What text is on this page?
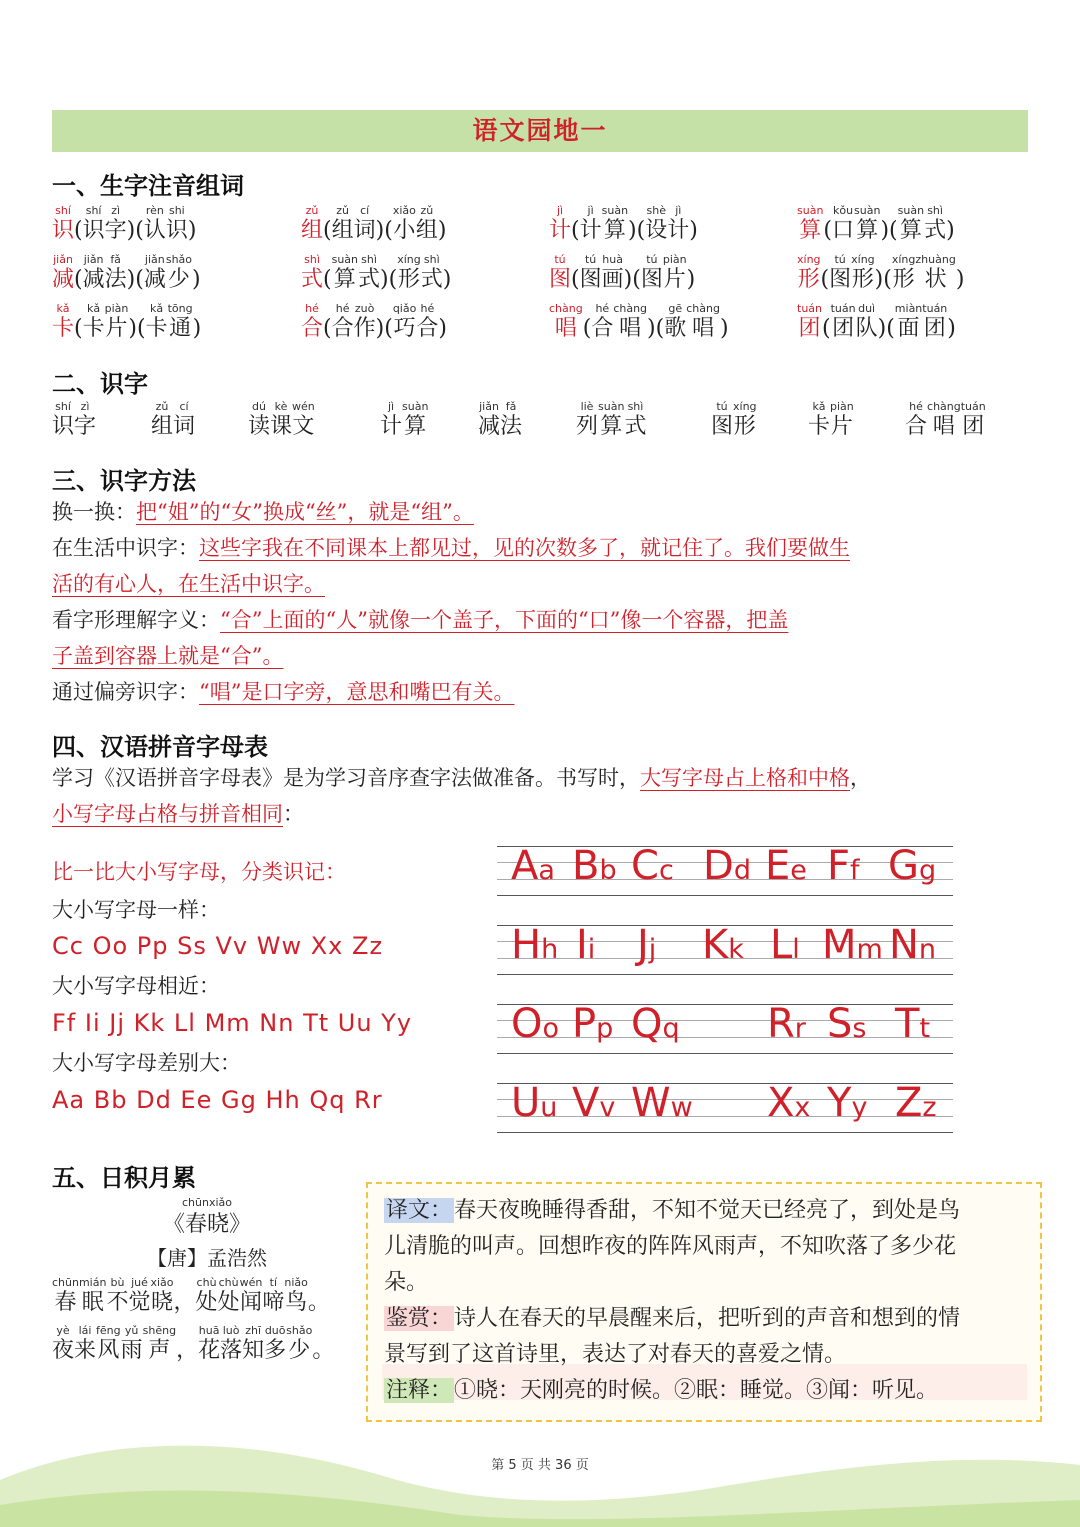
语文园地一
一、生字注音组词
shí
识
(
shí
识
zì
字
)
(
rèn
认
shi
识
)
zǔ
组
(
zǔ
组
cí
词
)
(
xiǎo
小
zǔ
组
)
jì
计
(
jì
计
suàn
算
)
(
shè
设
jì
计
)
suàn
算
(
kǒu
口
suàn
算
)
(
suàn
算
shì
式
)
jiǎn
减
(
jiǎn
减
fǎ
法
)
(
jiǎn
减
shǎo
少
)
shì
式
(
suàn
算
shì
式
)
(
xíng
形
shì
式
)
tú
图
(
tú
图
huà
画
)
(
tú
图
piàn
片
)
xíng
形
(
tú
图
xíng
形
)
(
xíng
形
zhuàng
状
)
kǎ
卡
(
kǎ
卡
piàn
片
)
(
kǎ
卡
tōng
通
)
hé
合
(
hé
合
zuò
作
)
(
qiǎo
巧
hé
合
)
chàng
唱
(
hé
合
chàng
唱
)
(
gē
歌
chàng
唱
)
tuán
团
(
tuán
团
duì
队
)
(
miàn
面
tuán
团
)
二、识字
shí
识
zì
字
zǔ
组
cí
词
dú
读
kè
课
wén
文
jì
计
suàn
算
jiǎn
减
fǎ
法
liè
列
suàn
算
shì
式
tú
图
xíng
形
kǎ
卡
piàn
片
hé
合
chàng
唱
tuán
团
三、识字方法
换一换：把“姐”的“女”换成“丝”，就是“组”。
在生活中识字：这些字我在不同课本上都见过，见的次数多了，就记住了。我们要做生
活的有心人，在生活中识字。
看字形理解字义：“合”上面的“人”就像一个盖子，下面的“口”像一个容器，把盖
子盖到容器上就是“合”。
通过偏旁识字：“唱”是口字旁，意思和嘴巴有关。
四、汉语拼音字母表
学习《汉语拼音字母表》是为学习音序查字法做准备。书写时，大写字母占上格和中格，
小写字母占格与拼音相同：
比一比大小写字母，分类识记：
大小写字母一样：
Cc Oo Pp Ss Vv Ww Xx Zz
大小写字母相近：
Ff Ii Jj Kk Ll Mm Nn Tt Uu Yy
大小写字母差别大：
Aa Bb Dd Ee Gg Hh Qq Rr
Aa Bb Cc Dd Ee Ff Gg
Hh Ii Jj Kk Ll Mm Nn
Oo Pp Qq Rr Ss Tt
Uu Vv Ww Xx Yy Zz
五、日积月累
chūnxiǎo
《春晓》
【唐】孟浩然
chūn
春
mián
眠
bù
不
jué
觉
xiǎo
晓
，
chù
处
chù
处
wén
闻
tí
啼
niǎo
鸟
。
yè
夜
lái
来
fēng
风
yǔ
雨
shēng
声
，
huā
花
luò
落
zhī
知
duō
多
shǎo
少
。
译文：春天夜晚睡得香甜，不知不觉天已经亮了，到处是鸟
儿清脆的叫声。回想昨夜的阵阵风雨声，不知吹落了多少花
朵。
鉴赏：诗人在春天的早晨醒来后，把听到的声音和想到的情
景写到了这首诗里，表达了对春天的喜爱之情。
注释：①晓：天刚亮的时候。②眠：睡觉。③闻：听见。
第 5 页 共 36 页
